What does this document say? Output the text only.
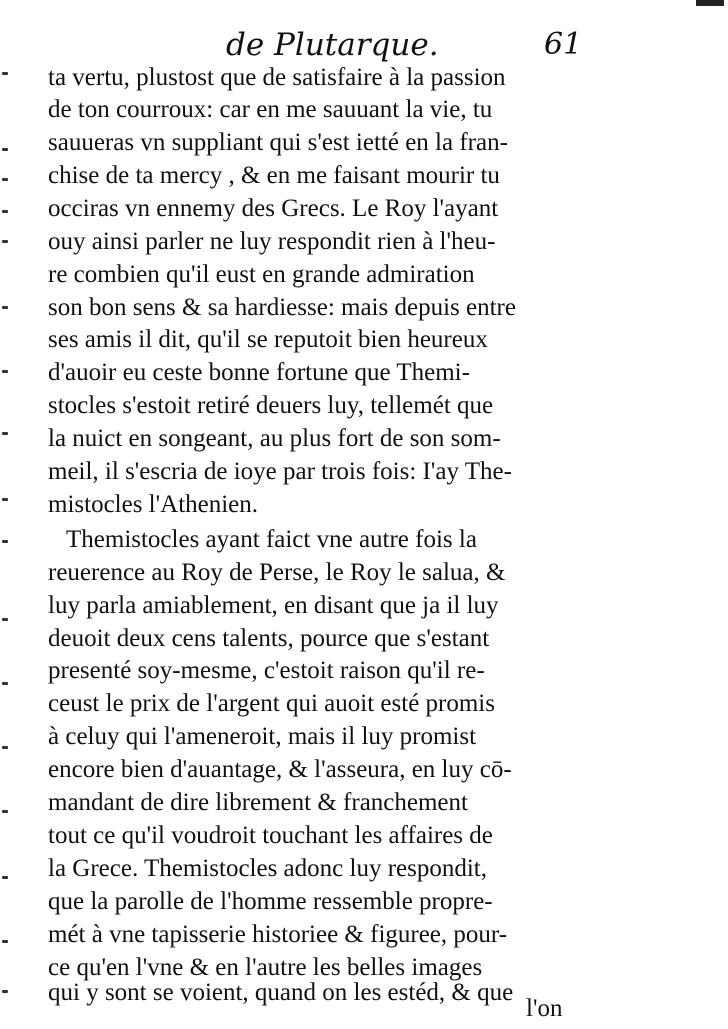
de Plutarque.	61
ta vertu, plustost que de satisfaire à la passion
de ton courroux: car en me sauuant la vie, tu
sauueras vn suppliant qui s'est ietté en la fran-
chise de ta mercy , & en me faisant mourir tu
occiras vn ennemy des Grecs. Le Roy l'ayant
ouy ainsi parler ne luy respondit rien à l'heu-
re combien qu'il eust en grande admiration
son bon sens & sa hardiesse: mais depuis entre
ses amis il dit, qu'il se reputoit bien heureux
d'auoir eu ceste bonne fortune que Themi-
stocles s'estoit retiré deuers luy, tellemét que
la nuict en songeant, au plus fort de son som-
meil, il s'escria de ioye par trois fois: I'ay The-
mistocles l'Athenien.
Themistocles ayant faict vne autre fois la
reuerence au Roy de Perse, le Roy le salua, &
luy parla amiablement, en disant que ja il luy
deuoit deux cens talents, pource que s'estant
presenté soy-mesme, c'estoit raison qu'il re-
ceust le prix de l'argent qui auoit esté promis
à celuy qui l'ameneroit, mais il luy promist
encore bien d'auantage, & l'asseura, en luy cō-
mandant de dire librement & franchement
tout ce qu'il voudroit touchant les affaires de
la Grece. Themistocles adonc luy respondit,
que la parolle de l'homme ressemble propre-
mét à vne tapisserie historiee & figuree, pour-
ce qu'en l'vne & en l'autre les belles images
qui y sont se voient, quand on les estéd, & que
l'on
